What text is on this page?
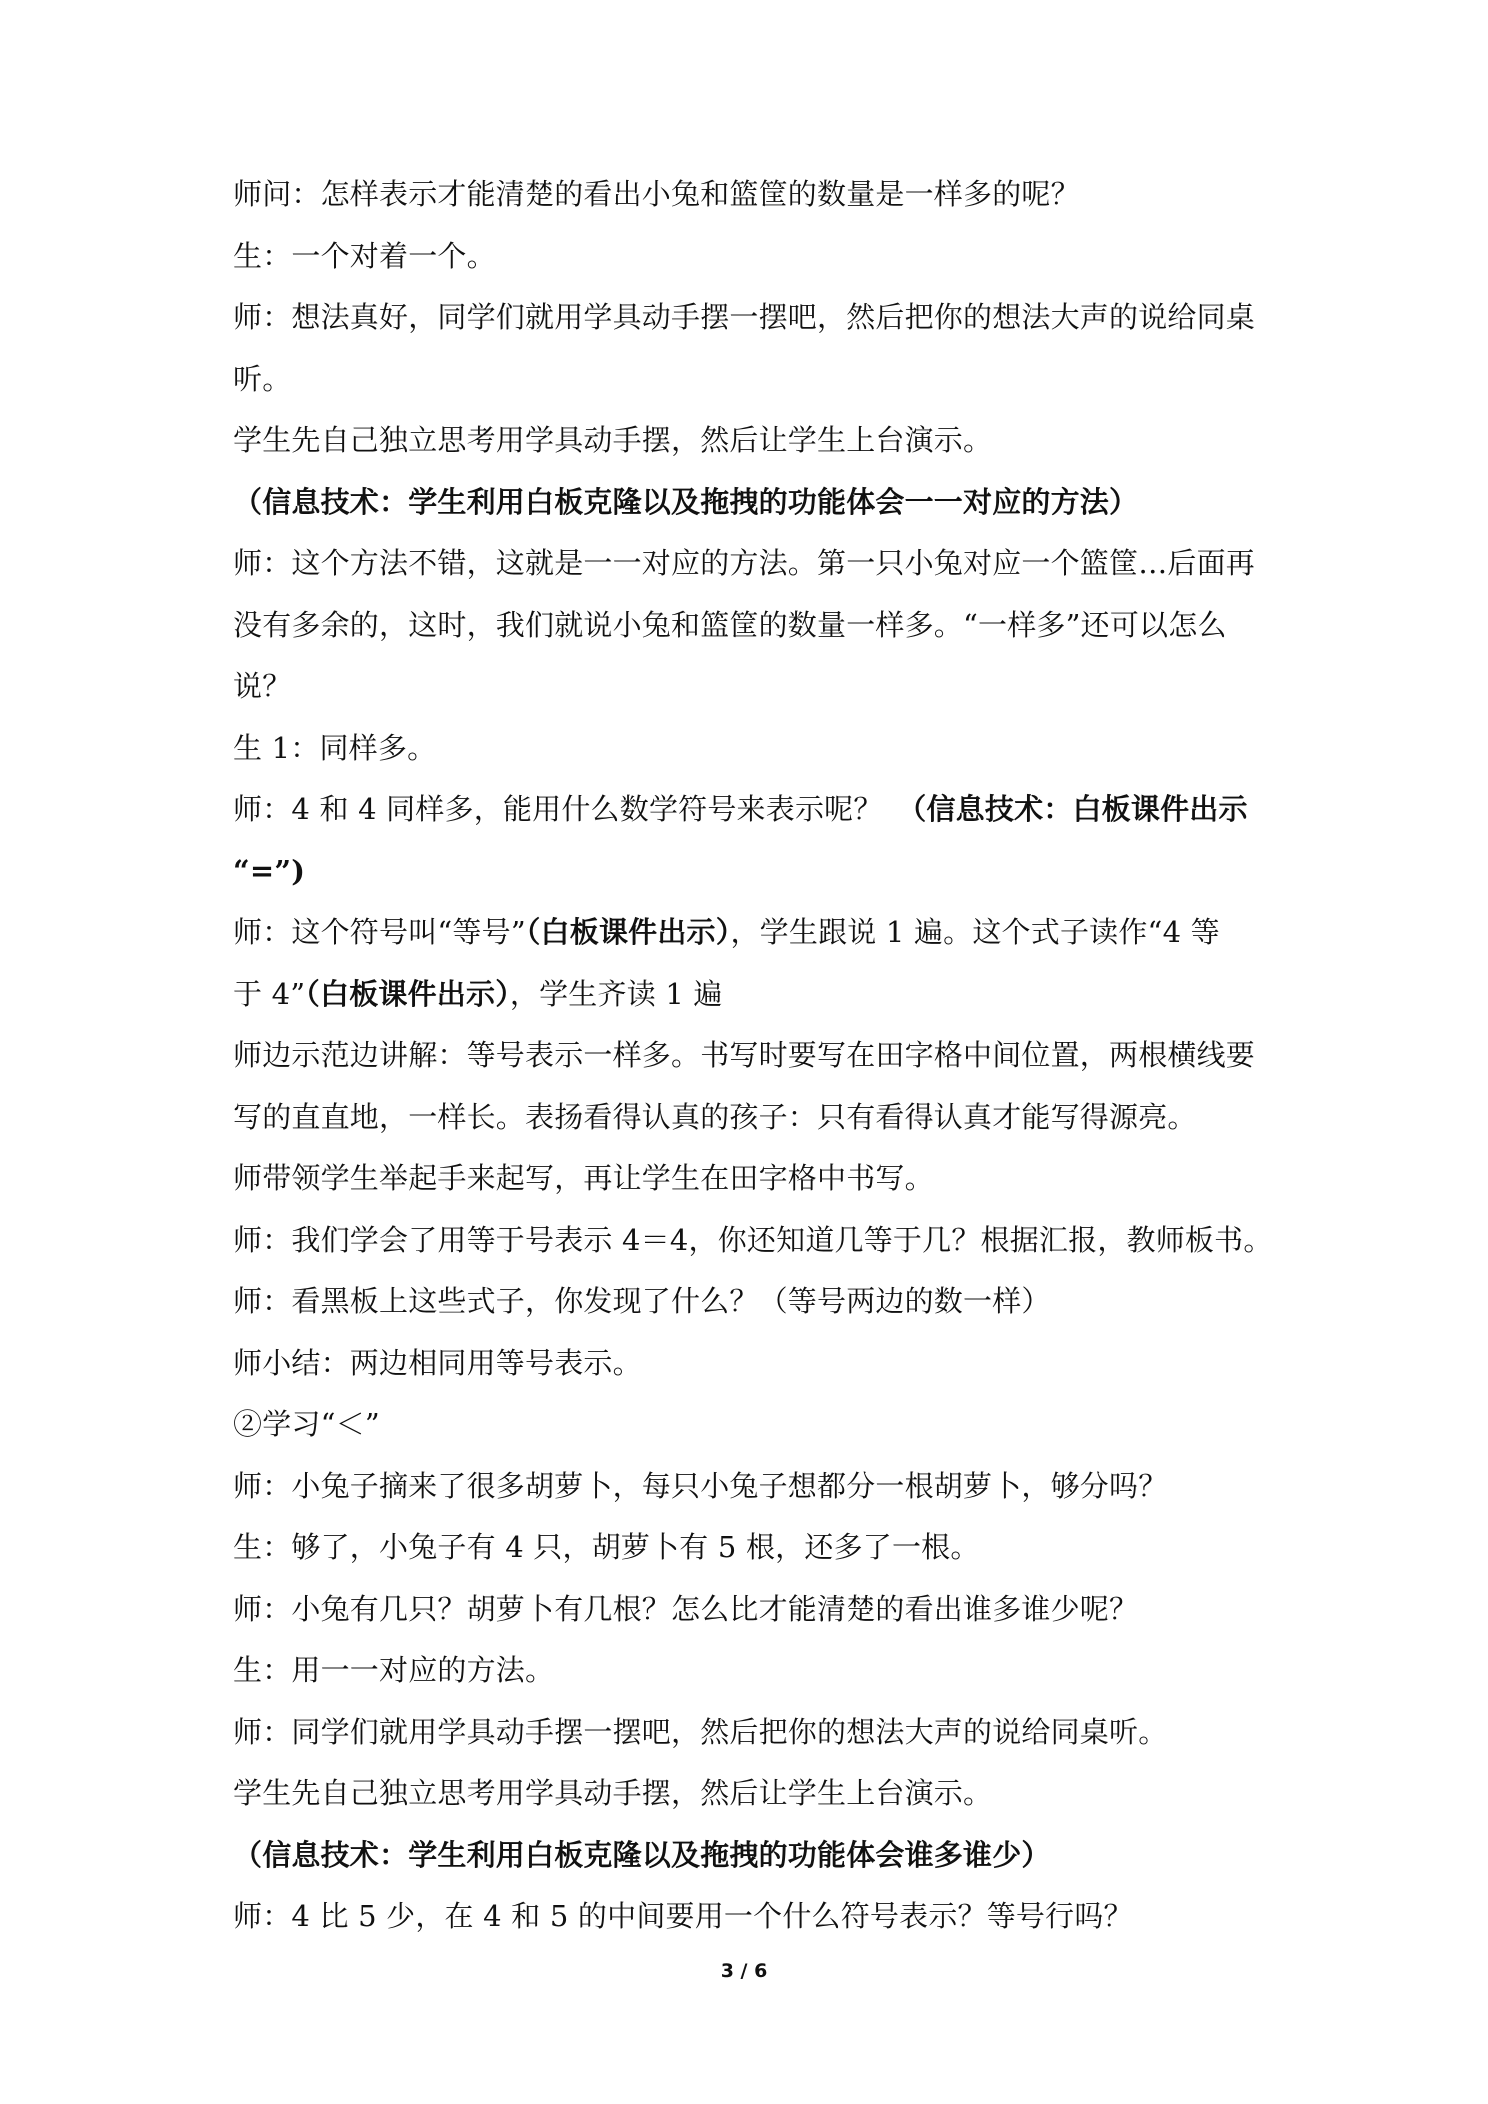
师问：怎样表示才能清楚的看出小兔和篮筐的数量是一样多的呢？
生：一个对着一个。
师：想法真好，同学们就用学具动手摆一摆吧，然后把你的想法大声的说给同桌
听。
学生先自己独立思考用学具动手摆，然后让学生上台演示。
（信息技术：学生利用白板克隆以及拖拽的功能体会一一对应的方法）
师：这个方法不错，这就是一一对应的方法。第一只小兔对应一个篮筐…后面再
没有多余的，这时，我们就说小兔和篮筐的数量一样多。“一样多”还可以怎么
说？
生 1：同样多。
师：4 和 4 同样多，能用什么数学符号来表示呢？　（信息技术：白板课件出示
“=”)
师：这个符号叫“等号”（白板课件出示），学生跟说 1 遍。这个式子读作“4 等
于 4”（白板课件出示），学生齐读 1 遍
师边示范边讲解：等号表示一样多。书写时要写在田字格中间位置，两根横线要
写的直直地，一样长。表扬看得认真的孩子：只有看得认真才能写得源亮。
师带领学生举起手来起写，再让学生在田字格中书写。
师：我们学会了用等于号表示 4＝4，你还知道几等于几？根据汇报，教师板书。
师：看黑板上这些式子，你发现了什么？（等号两边的数一样）
师小结：两边相同用等号表示。
②学习“＜”
师：小兔子摘来了很多胡萝卜，每只小兔子想都分一根胡萝卜，够分吗？
生：够了，小兔子有 4 只，胡萝卜有 5 根，还多了一根。
师：小兔有几只？胡萝卜有几根？怎么比才能清楚的看出谁多谁少呢？
生：用一一对应的方法。
师：同学们就用学具动手摆一摆吧，然后把你的想法大声的说给同桌听。
学生先自己独立思考用学具动手摆，然后让学生上台演示。
（信息技术：学生利用白板克隆以及拖拽的功能体会谁多谁少）
师：4 比 5 少，在 4 和 5 的中间要用一个什么符号表示？等号行吗？
3 / 6
